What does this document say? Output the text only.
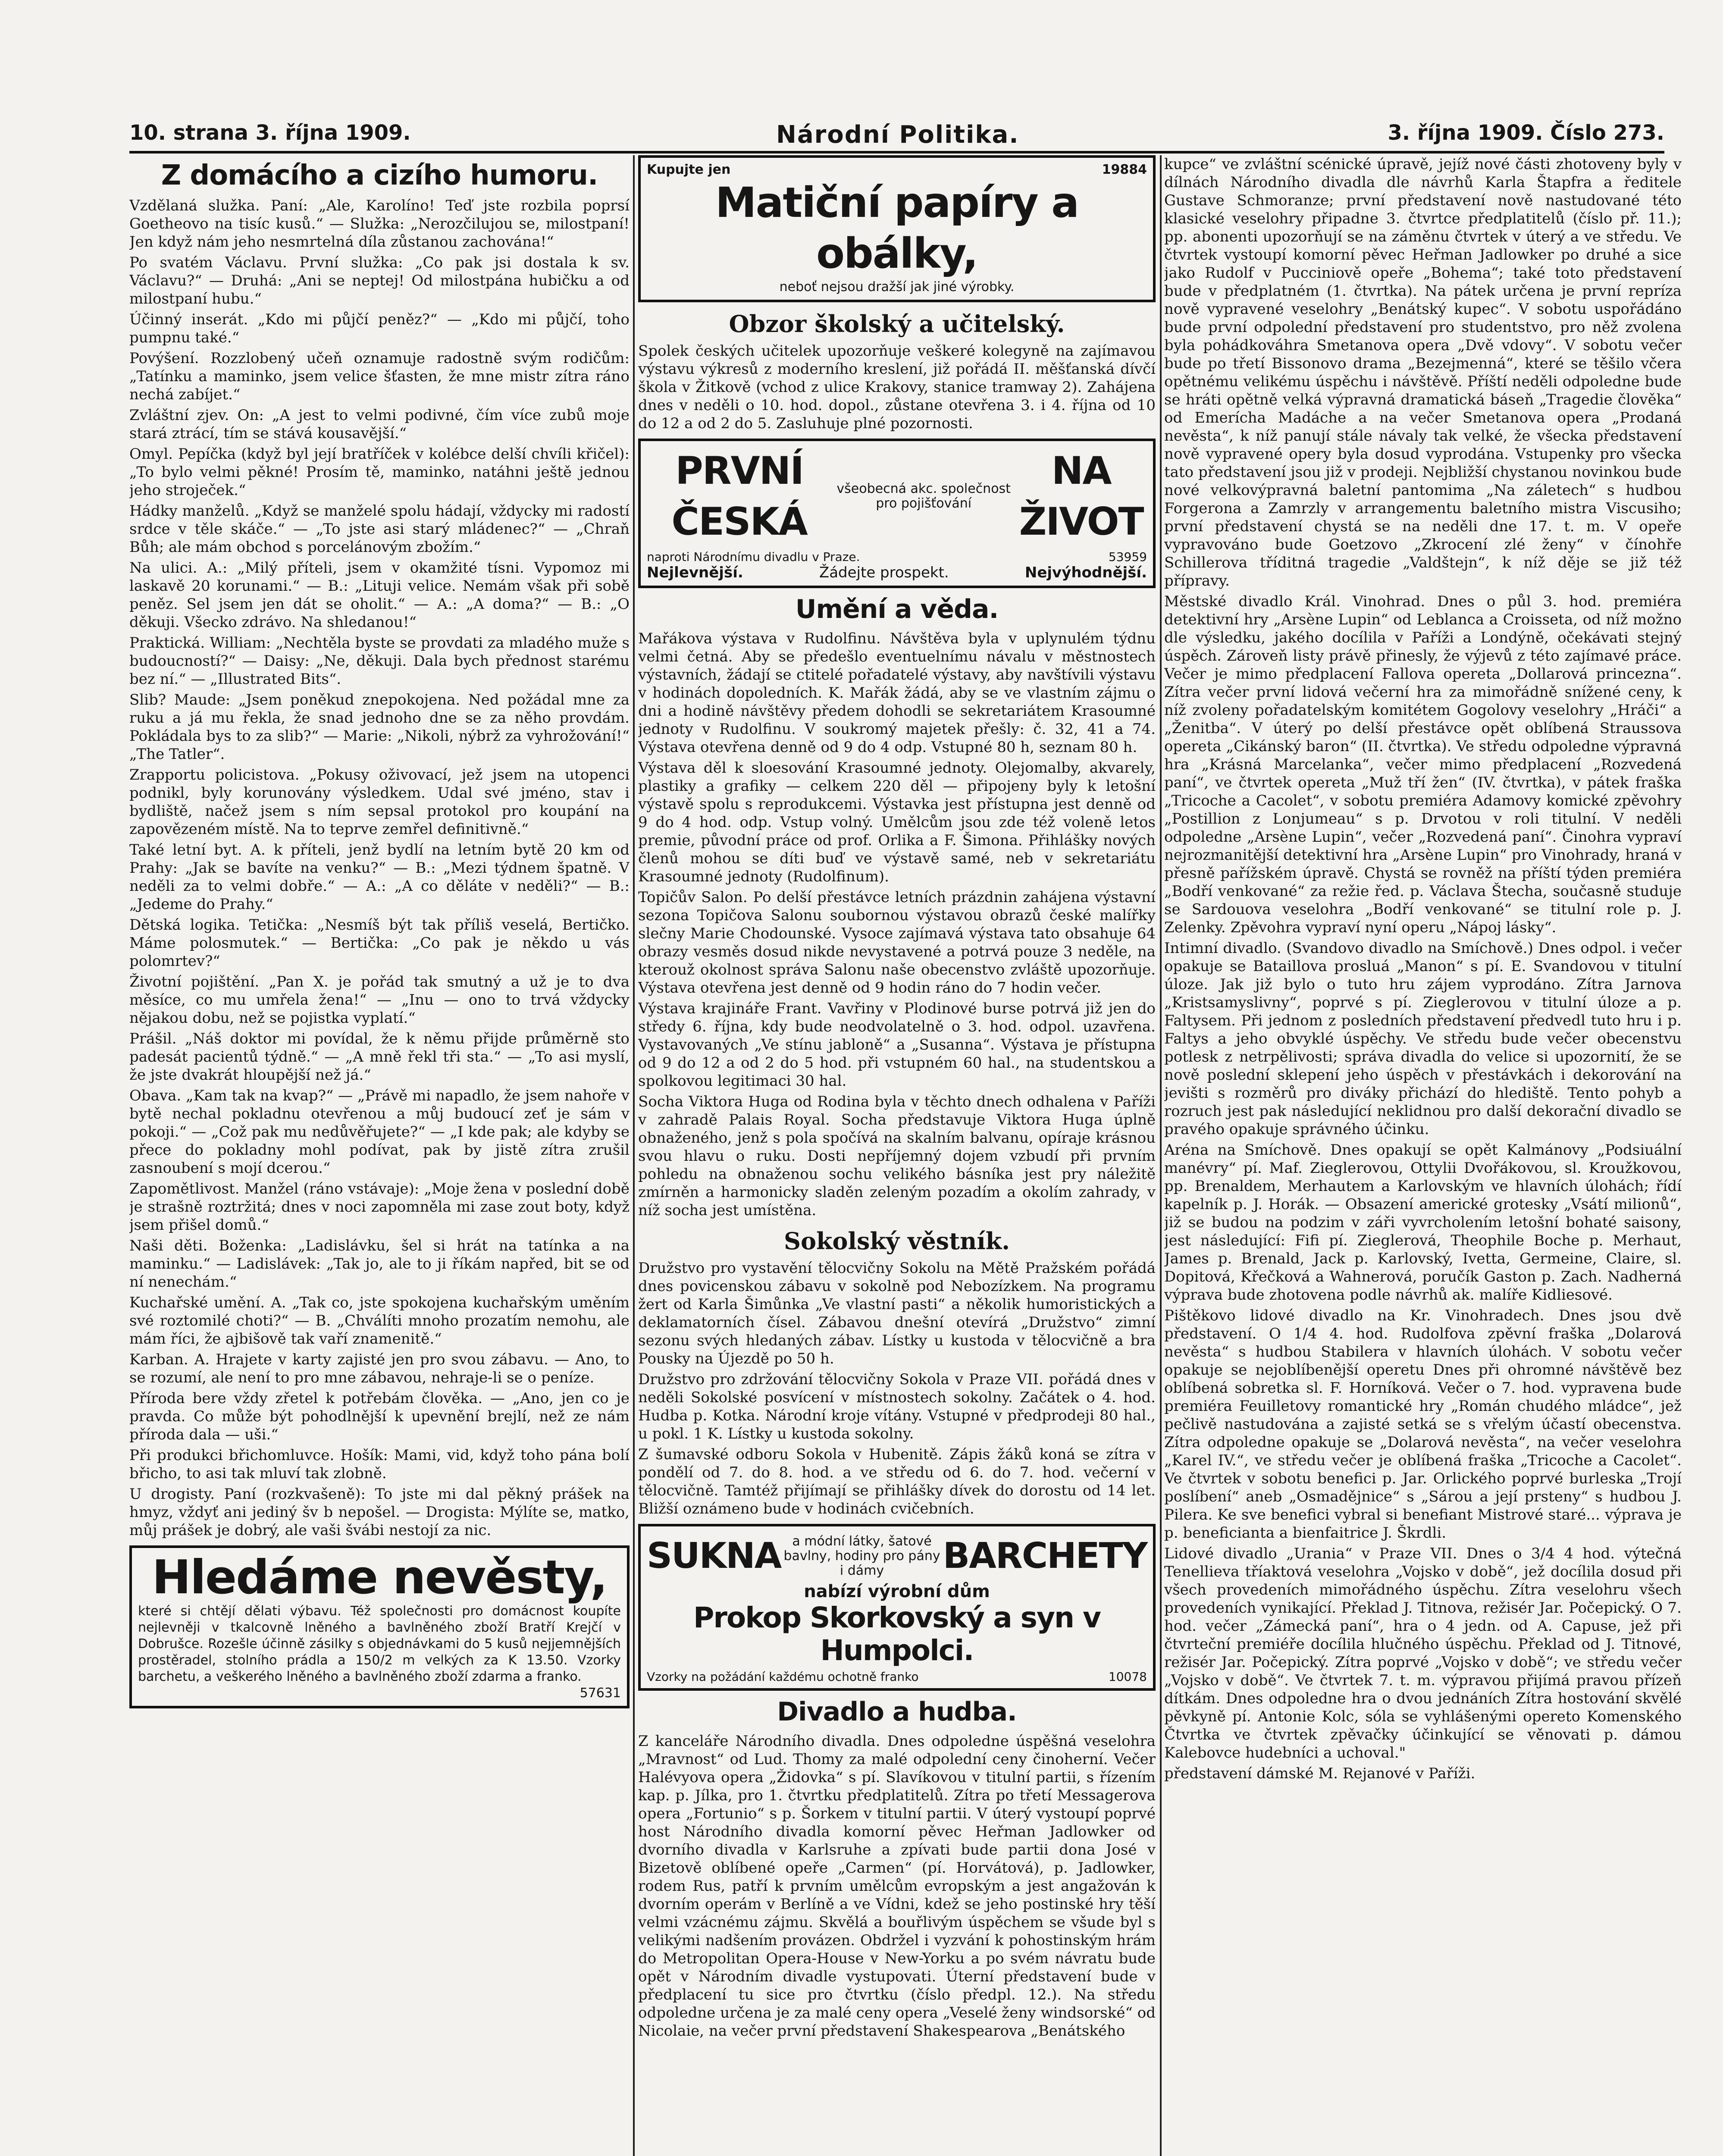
10. strana 3. října 1909.	Národní Politika.	3. října 1909. Číslo 273.
Z domácího a cizího humoru.

Vzdělaná služka. Paní: „Ale, Karolíno! Teď jste rozbila poprsí Goetheovo na tisíc kusů.“ — Služka: „Nerozčilujou se, milostpaní! Jen když nám jeho nesmrtelná díla zůstanou zachována!“

Po svatém Václavu. První služka: „Co pak jsi dostala k sv. Václavu?“ — Druhá: „Ani se neptej! Od milostpána hubičku a od milostpaní hubu.“

Účinný inserát. „Kdo mi půjčí peněz?“ — „Kdo mi půjčí, toho pumpnu také.“

Povýšení. Rozzlobený učeň oznamuje radostně svým rodičům: „Tatínku a maminko, jsem velice šťasten, že mne mistr zítra ráno nechá zabíjet.“

Zvláštní zjev. On: „A jest to velmi podivné, čím více zubů moje stará ztrácí, tím se stává kousavější.“

Omyl. Pepíčka (když byl její bratříček v kolébce delší chvíli křičel): „To bylo velmi pěkné! Prosím tě, maminko, natáhni ještě jednou jeho stroječek.“

Hádky manželů. „Když se manželé spolu hádají, vždycky mi radostí srdce v těle skáče.“ — „To jste asi starý mládenec?“ — „Chraň Bůh; ale mám obchod s porcelánovým zbožím.“

Na ulici. A.: „Milý příteli, jsem v okamžité tísni. Vypomoz mi laskavě 20 korunami.“ — B.: „Lituji velice. Nemám však při sobě peněz. Sel jsem jen dát se oholit.“ — A.: „A doma?“ — B.: „O děkuji. Všecko zdrávo. Na shledanou!“

Praktická. William: „Nechtěla byste se provdati za mladého muže s budoucností?“ — Daisy: „Ne, děkuji. Dala bych přednost starému bez ní.“ — „Illustrated Bits“.

Slib? Maude: „Jsem poněkud znepokojena. Ned požádal mne za ruku a já mu řekla, že snad jednoho dne se za něho provdám. Pokládala bys to za slib?“ — Marie: „Nikoli, nýbrž za vyhrožování!“ „The Tatler“.

Zrapportu policistova. „Pokusy oživovací, jež jsem na utopenci podnikl, byly korunovány výsledkem. Udal své jméno, stav i bydliště, načež jsem s ním sepsal protokol pro koupání na zapovězeném místě. Na to teprve zemřel definitivně.“

Také letní byt. A. k příteli, jenž bydlí na letním bytě 20 km od Prahy: „Jak se bavíte na venku?“ — B.: „Mezi týdnem špatně. V neděli za to velmi dobře.“ — A.: „A co děláte v neděli?“ — B.: „Jedeme do Prahy.“

Dětská logika. Tetička: „Nesmíš být tak příliš veselá, Bertičko. Máme polosmutek.“ — Bertička: „Co pak je někdo u vás polomrtev?“

Životní pojištění. „Pan X. je pořád tak smutný a už je to dva měsíce, co mu umřela žena!“ — „Inu — ono to trvá vždycky nějakou dobu, než se pojistka vyplatí.“

Prášil. „Náš doktor mi povídal, že k němu přijde průměrně sto padesát pacientů týdně.“ — „A mně řekl tři sta.“ — „To asi myslí, že jste dvakrát hloupější než já.“

Obava. „Kam tak na kvap?“ — „Právě mi napadlo, že jsem nahoře v bytě nechal pokladnu otevřenou a můj budoucí zeť je sám v pokoji.“ — „Což pak mu nedůvěřujete?“ — „I kde pak; ale kdyby se přece do pokladny mohl podívat, pak by jistě zítra zrušil zasnoubení s mojí dcerou.“

Zapomětlivost. Manžel (ráno vstávaje): „Moje žena v poslední době je strašně roztržitá; dnes v noci zapomněla mi zase zout boty, když jsem přišel domů.“

Naši děti. Boženka: „Ladislávku, šel si hrát na tatínka a na maminku.“ — Ladislávek: „Tak jo, ale to ji říkám napřed, bit se od ní nenechám.“

Kuchařské umění. A. „Tak co, jste spokojena kuchařským uměním své roztomilé choti?“ — B. „Chválíti mnoho prozatím nemohu, ale mám říci, že ajbišově tak vaří znamenitě.“

Karban. A. Hrajete v karty zajisté jen pro svou zábavu. — Ano, to se rozumí, ale není to pro mne zábavou, nehraje-li se o peníze.

Příroda bere vždy zřetel k potřebám člověka. — „Ano, jen co je pravda. Co může být pohodlnější k upevnění brejlí, než ze nám příroda dala — uši.“

Při produkci břichomluvce. Hošík: Mami, vid, když toho pána bolí břicho, to asi tak mluví tak zlobně.

U drogisty. Paní (rozkvašeně): To jste mi dal pěkný prášek na hmyz, vždyť ani jediný šv b nepošel. — Drogista: Mýlíte se, matko, můj prášek je dobrý, ale vaši švábi nestojí za nic.

Hledáme nevěsty,
které si chtějí dělati výbavu. Též společnosti pro domácnost koupíte nejlevněji v tkalcovně lněného a bavlněného zboží Bratří Krejčí v Dobrušce. Rozešle účinně zásilky s objednávkami do 5 kusů nejjemnějších prostěradel, stolního prádla a 150/2 m velkých za K 13.50. Vzorky barchetu, a veškerého lněného a bavlněného zboží zdarma a franko.
57631
Kupujte jen	19884
Matiční papíry a obálky,
neboť nejsou dražší jak jiné výrobky.
Obzor školský a učitelský.

Spolek českých učitelek upozorňuje veškeré kolegyně na zajímavou výstavu výkresů z moderního kreslení, již pořádá II. měšťanská dívčí škola v Žitkově (vchod z ulice Krakovy, stanice tramway 2). Zahájena dnes v neděli o 10. hod. dopol., zůstane otevřena 3. i 4. října od 10 do 12 a od 2 do 5. Zasluhuje plné pozornosti.

PRVNÍ ČESKÁ
všeobecná akc. společnost pro pojišťování
NA ŽIVOT
naproti Národnímu divadlu v Praze.	53959
Nejlevnější.	Žádejte prospekt.	Nejvýhodnější.
Umění a věda.

Mařákova výstava v Rudolfinu. Návštěva byla v uplynulém týdnu velmi četná. Aby se předešlo eventuelnímu návalu v městnostech výstavních, žádají se ctitelé pořadatelé výstavy, aby navštívili výstavu v hodinách dopoledních. K. Mařák žádá, aby se ve vlastním zájmu o dni a hodině návštěvy předem dohodli se sekretariátem Krasoumné jednoty v Rudolfinu. V soukromý majetek přešly: č. 32, 41 a 74. Výstava otevřena denně od 9 do 4 odp. Vstupné 80 h, seznam 80 h.

Výstava děl k sloesování Krasoumné jednoty. Olejomalby, akvarely, plastiky a grafiky — celkem 220 děl — připojeny byly k letošní výstavě spolu s reprodukcemi. Výstavka jest přístupna jest denně od 9 do 4 hod. odp. Vstup volný. Umělcům jsou zde též voleně letos premie, původní práce od prof. Orlika a F. Šimona. Přihlášky nových členů mohou se díti buď ve výstavě samé, neb v sekretariátu Krasoumné jednoty (Rudolfinum).

Topičův Salon. Po delší přestávce letních prázdnin zahájena výstavní sezona Topičova Salonu soubornou výstavou obrazů české malířky slečny Marie Chodounské. Vysoce zajímavá výstava tato obsahuje 64 obrazy vesměs dosud nikde nevystavené a potrvá pouze 3 neděle, na kterouž okolnost správa Salonu naše obecenstvo zvláště upozorňuje. Výstava otevřena jest denně od 9 hodin ráno do 7 hodin večer.

Výstava krajináře Frant. Vavřiny v Plodinové burse potrvá již jen do středy 6. října, kdy bude neodvolatelně o 3. hod. odpol. uzavřena. Vystavovaných „Ve stínu jabloně“ a „Susanna“. Výstava je přístupna od 9 do 12 a od 2 do 5 hod. při vstupném 60 hal., na studentskou a spolkovou legitimaci 30 hal.

Socha Viktora Huga od Rodina byla v těchto dnech odhalena v Paříži v zahradě Palais Royal. Socha představuje Viktora Huga úplně obnaženého, jenž s pola spočívá na skalním balvanu, opíraje krásnou svou hlavu o ruku. Dosti nepříjemný dojem vzbudí při prvním pohledu na obnaženou sochu velikého básníka jest pry náležitě zmírněn a harmonicky sladěn zeleným pozadím a okolím zahrady, v níž socha jest umístěna.

Sokolský věstník.

Družstvo pro vystavění tělocvičny Sokolu na Mětě Pražském pořádá dnes povicenskou zábavu v sokolně pod Nebozízkem. Na programu žert od Karla Šimůnka „Ve vlastní pasti“ a několik humoristických a deklamatorních čísel. Zábavou dnešní otevírá „Družstvo“ zimní sezonu svých hledaných zábav. Lístky u kustoda v tělocvičně a bra Pousky na Újezdě po 50 h.

Družstvo pro zdržování tělocvičny Sokola v Praze VII. pořádá dnes v neděli Sokolské posvícení v místnostech sokolny. Začátek o 4. hod. Hudba p. Kotka. Národní kroje vítány. Vstupné v předprodeji 80 hal., u pokl. 1 K. Lístky u kustoda sokolny.

Z šumavské odboru Sokola v Hubenitě. Zápis žáků koná se zítra v pondělí od 7. do 8. hod. a ve středu od 6. do 7. hod. večerní v tělocvičně. Tamtéž přijímají se přihlášky dívek do dorostu od 14 let. Bližší oznámeno bude v hodinách cvičebních.

SUKNA a módní látky, šatové bavlny, hodiny pro pány i dámy	BARCHETY
nabízí výrobní dům
Prokop Skorkovský a syn v Humpolci.
Vzorky na požádání každému ochotně franko	10078
Divadlo a hudba.

Z kanceláře Národního divadla. Dnes odpoledne úspěšná veselohra „Mravnost“ od Lud. Thomy za malé odpolední ceny činoherní. Večer Halévyova opera „Židovka“ s pí. Slavíkovou v titulní partii, s řízením kap. p. Jílka, pro 1. čtvrtku předplatitelů. Zítra po třetí Messagerova opera „Fortunio“ s p. Šorkem v titulní partii. V úterý vystoupí poprvé host Národního divadla komorní pěvec Heřman Jadlowker od dvorního divadla v Karlsruhe a zpívati bude partii dona José v Bizetově oblíbené opeře „Carmen“ (pí. Horvátová), p. Jadlowker, rodem Rus, patří k prvním umělcům evropským a jest angažován k dvorním operám v Berlíně a ve Vídni, kdež se jeho postinské hry těší velmi vzácnému zájmu. Skvělá a bouřlivým úspěchem se všude byl s velikými nadšením provázen. Obdržel i vyzvání k pohostinským hrám do Metropolitan Opera-House v New-Yorku a po svém návratu bude opět v Národním divadle vystupovati. Úterní představení bude v předplacení tu sice pro čtvrtku (číslo předpl. 12.). Na středu odpoledne určena je za malé ceny opera „Veselé ženy windsorské“ od Nicolaie, na večer první představení Shakespearova „Benátského

kupce“ ve zvláštní scénické úpravě, jejíž nové části zhotoveny byly v dílnách Národního divadla dle návrhů Karla Štapfra a ředitele Gustave Schmoranze; první představení nově nastudované této klasické veselohry připadne 3. čtvrtce předplatitelů (číslo př. 11.); pp. abonenti upozorňují se na záměnu čtvrtek v úterý a ve středu. Ve čtvrtek vystoupí komorní pěvec Heřman Jadlowker po druhé a sice jako Rudolf v Pucciniově opeře „Bohema“; také toto představení bude v předplatném (1. čtvrtka). Na pátek určena je první repríza nově vypravené veselohry „Benátský kupec“. V sobotu uspořádáno bude první odpolední představení pro studentstvo, pro něž zvolena byla pohádkováhra Smetanova opera „Dvě vdovy“. V sobotu večer bude po třetí Bissonovo drama „Bezejmenná“, které se těšilo včera opětnému velikému úspěchu i návštěvě. Příští neděli odpoledne bude se hráti opětně velká výpravná dramatická báseň „Tragedie člověka“ od Emerícha Madáche a na večer Smetanova opera „Prodaná nevěsta“, k níž panují stále návaly tak velké, že všecka představení nově vypravené opery byla dosud vyprodána. Vstupenky pro všecka tato představení jsou již v prodeji. Nejbližší chystanou novinkou bude nové velkovýpravná baletní pantomima „Na záletech“ s hudbou Forgerona a Zamrzly v arrangementu baletního mistra Viscusiho; první představení chystá se na neděli dne 17. t. m. V opeře vypravováno bude Goetzovo „Zkrocení zlé ženy“ v čínohře Schillerova tříditná tragedie „Valdštejn“, k níž děje se již též přípravy.

Městské divadlo Král. Vinohrad. Dnes o půl 3. hod. premiéra detektivní hry „Arsène Lupin“ od Leblanca a Croisseta, od níž možno dle výsledku, jakého docílila v Paříži a Londýně, očekávati stejný úspěch. Zároveň listy právě přinesly, že výjevů z této zajímavé práce. Večer je mimo předplacení Fallova opereta „Dollarová princezna“. Zítra večer první lidová večerní hra za mimořádně snížené ceny, k níž zvoleny pořadatelským komitétem Gogolovy veselohry „Hráči“ a „Ženitba“. V úterý po delší přestávce opět oblíbená Straussova opereta „Cikánský baron“ (II. čtvrtka). Ve středu odpoledne výpravná hra „Krásná Marcelanka“, večer mimo předplacení „Rozvedená paní“, ve čtvrtek opereta „Muž tří žen“ (IV. čtvrtka), v pátek fraška „Tricoche a Cacolet“, v sobotu premiéra Adamovy komické zpěvohry „Postillion z Lonjumeau“ s p. Drvotou v roli titulní. V neděli odpoledne „Arsène Lupin“, večer „Rozvedená paní“. Činohra vypraví nejrozmanitější detektivní hra „Arsène Lupin“ pro Vinohrady, hraná v přesně pařížském úpravě. Chystá se rovněž na příští týden premiéra „Bodří venkované“ za režie řed. p. Václava Štecha, současně studuje se Sardouova veselohra „Bodří venkované“ se titulní role p. J. Zelenky. Zpěvohra vypraví nyní operu „Nápoj lásky“.

Intimní divadlo. (Svandovo divadlo na Smíchově.) Dnes odpol. i večer opakuje se Bataillova prosluá „Manon“ s pí. E. Svandovou v titulní úloze. Jak již bylo o tuto hru zájem vyprodáno. Zítra Jarnova „Kristsamyslivny“, poprvé s pí. Zieglerovou v titulní úloze a p. Faltysem. Při jednom z posledních představení předvedl tuto hru i p. Faltys a jeho obvyklé úspěchy. Ve středu bude večer obecenstvu potlesk z netrpělivosti; správa divadla do velice si upozornití, že se nově poslední sklepení jeho úspěch v přestávkách i dekorování na jevišti s rozměrů pro diváky přichází do hlediště. Tento pohyb a rozruch jest pak následující neklidnou pro další dekorační divadlo se pravého opakuje správného účinku.

Aréna na Smíchově. Dnes opakují se opět Kalmánovy „Podsiuální manévry“ pí. Maf. Zieglerovou, Ottylii Dvořákovou, sl. Kroužkovou, pp. Brenaldem, Merhautem a Karlovským ve hlavních úlohách; řídí kapelník p. J. Horák. — Obsazení americké grotesky „Vsátí milionů“, již se budou na podzim v záři vyvrcholením letošní bohaté saisony, jest následující: Fifi pí. Zieglerová, Theophile Boche p. Merhaut, James p. Brenald, Jack p. Karlovský, Ivetta, Germeine, Claire, sl. Dopitová, Křečková a Wahnerová, poručík Gaston p. Zach. Nadherná výprava bude zhotovena podle návrhů ak. malíře Kidliesové.

Pištěkovo lidové divadlo na Kr. Vinohradech. Dnes jsou dvě představení. O 1/4 4. hod. Rudolfova zpěvní fraška „Dolarová nevěsta“ s hudbou Stabilera v hlavních úlohách. V sobotu večer opakuje se nejoblíbenější operetu Dnes při ohromné návštěvě bez oblíbená sobretka sl. F. Horníková. Večer o 7. hod. vypravena bude premiéra Feuilletovy romantické hry „Román chudého mládce“, jež pečlivě nastudována a zajisté setká se s vřelým účastí obecenstva. Zítra odpoledne opakuje se „Dolarová nevěsta“, na večer veselohra „Karel IV.“, ve středu večer je oblíbená fraška „Tricoche a Cacolet“. Ve čtvrtek v sobotu benefici p. Jar. Orlického poprvé burleska „Trojí poslíbení“ aneb „Osmadějnice“ s „Sárou a její prsteny“ s hudbou J. Pilera. Ke sve benefici vybral si benefiant Mistrové staré... výprava je p. beneficianta a bienfaitrice J. Škrdli.

Lidové divadlo „Urania“ v Praze VII. Dnes o 3/4 4 hod. výtečná Tenellieva tříaktová veselohra „Vojsko v době“, jež docílila dosud při všech provedeních mimořádného úspěchu. Zítra veselohru všech provedeních vynikající. Překlad J. Titnova, režisér Jar. Počepický. O 7. hod. večer „Zámecká paní“, hra o 4 jedn. od A. Capuse, jež při čtvrteční premiéře docílila hlučného úspěchu. Překlad od J. Titnové, režisér Jar. Počepický. Zítra poprvé „Vojsko v době“; ve středu večer „Vojsko v době“. Ve čtvrtek 7. t. m. výpravou přijímá pravou přízeň dítkám. Dnes odpoledne hra o dvou jednáních Zítra hostování skvělé pěvkyně pí. Antonie Kolc, sóla se vyhlášenými opereto Komenského Čtvrtka ve čtvrtek zpěvačky účinkující se věnovati p. dámou Kalebovce hudebníci a uchoval."

představení dámské M. Rejanové v Paříži.
